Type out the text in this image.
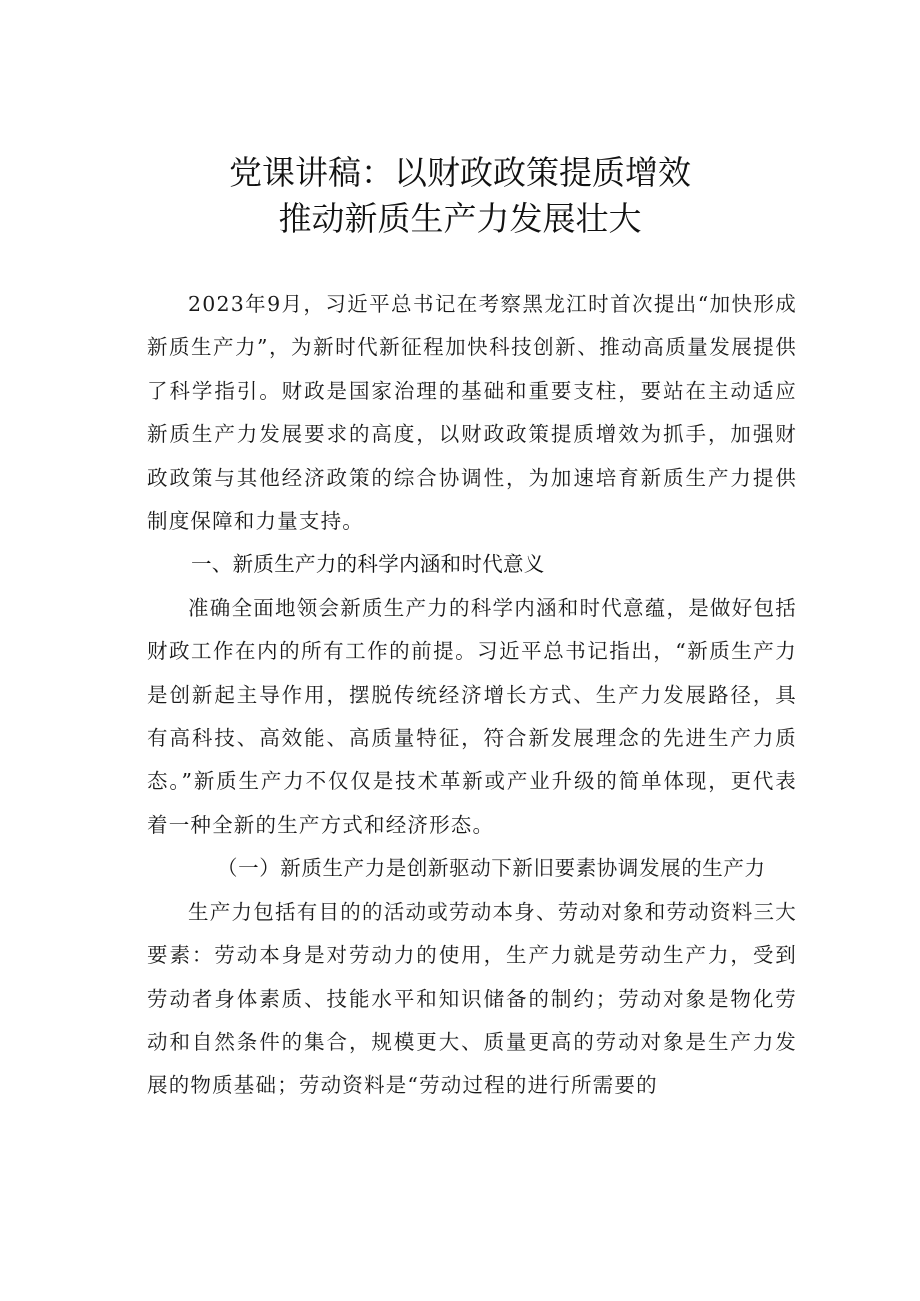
党课讲稿：以财政政策提质增效
推动新质生产力发展壮大

2023年9月，习近平总书记在考察黑龙江时首次提出“加快形成新质生产力”，为新时代新征程加快科技创新、推动高质量发展提供了科学指引。财政是国家治理的基础和重要支柱，要站在主动适应新质生产力发展要求的高度，以财政政策提质增效为抓手，加强财政政策与其他经济政策的综合协调性，为加速培育新质生产力提供制度保障和力量支持。

一、新质生产力的科学内涵和时代意义

准确全面地领会新质生产力的科学内涵和时代意蕴，是做好包括财政工作在内的所有工作的前提。习近平总书记指出，“新质生产力是创新起主导作用，摆脱传统经济增长方式、生产力发展路径，具有高科技、高效能、高质量特征，符合新发展理念的先进生产力质态。”新质生产力不仅仅是技术革新或产业升级的简单体现，更代表着一种全新的生产方式和经济形态。

（一）新质生产力是创新驱动下新旧要素协调发展的生产力

生产力包括有目的的活动或劳动本身、劳动对象和劳动资料三大要素：劳动本身是对劳动力的使用，生产力就是劳动生产力，受到劳动者身体素质、技能水平和知识储备的制约；劳动对象是物化劳动和自然条件的集合，规模更大、质量更高的劳动对象是生产力发展的物质基础；劳动资料是“劳动过程的进行所需要的
